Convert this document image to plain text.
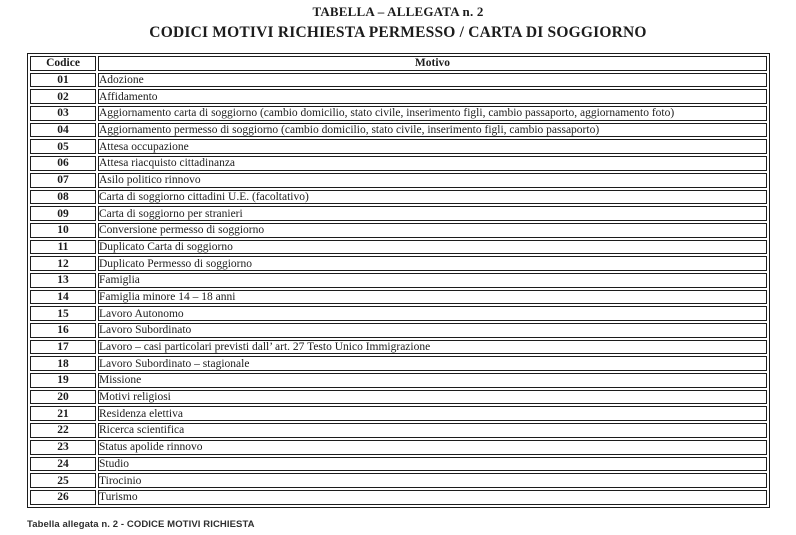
TABELLA – ALLEGATA n. 2
CODICI MOTIVI RICHIESTA PERMESSO / CARTA DI SOGGIORNO
Codice	Motivo
01	Adozione
02	Affidamento
03	Aggiornamento carta di soggiorno (cambio domicilio, stato civile, inserimento figli, cambio passaporto, aggiornamento foto)
04	Aggiornamento permesso di soggiorno (cambio domicilio, stato civile, inserimento figli, cambio passaporto)
05	Attesa occupazione
06	Attesa riacquisto cittadinanza
07	Asilo politico rinnovo
08	Carta di soggiorno cittadini U.E. (facoltativo)
09	Carta di soggiorno per stranieri
10	Conversione permesso di soggiorno
11	Duplicato Carta di soggiorno
12	Duplicato Permesso di soggiorno
13	Famiglia
14	Famiglia minore 14 – 18 anni
15	Lavoro Autonomo
16	Lavoro Subordinato
17	Lavoro – casi particolari previsti dall’ art. 27 Testo Unico Immigrazione
18	Lavoro Subordinato – stagionale
19	Missione
20	Motivi religiosi
21	Residenza elettiva
22	Ricerca scientifica
23	Status apolide rinnovo
24	Studio
25	Tirocinio
26	Turismo
Tabella allegata n. 2 - CODICE MOTIVI RICHIESTA
